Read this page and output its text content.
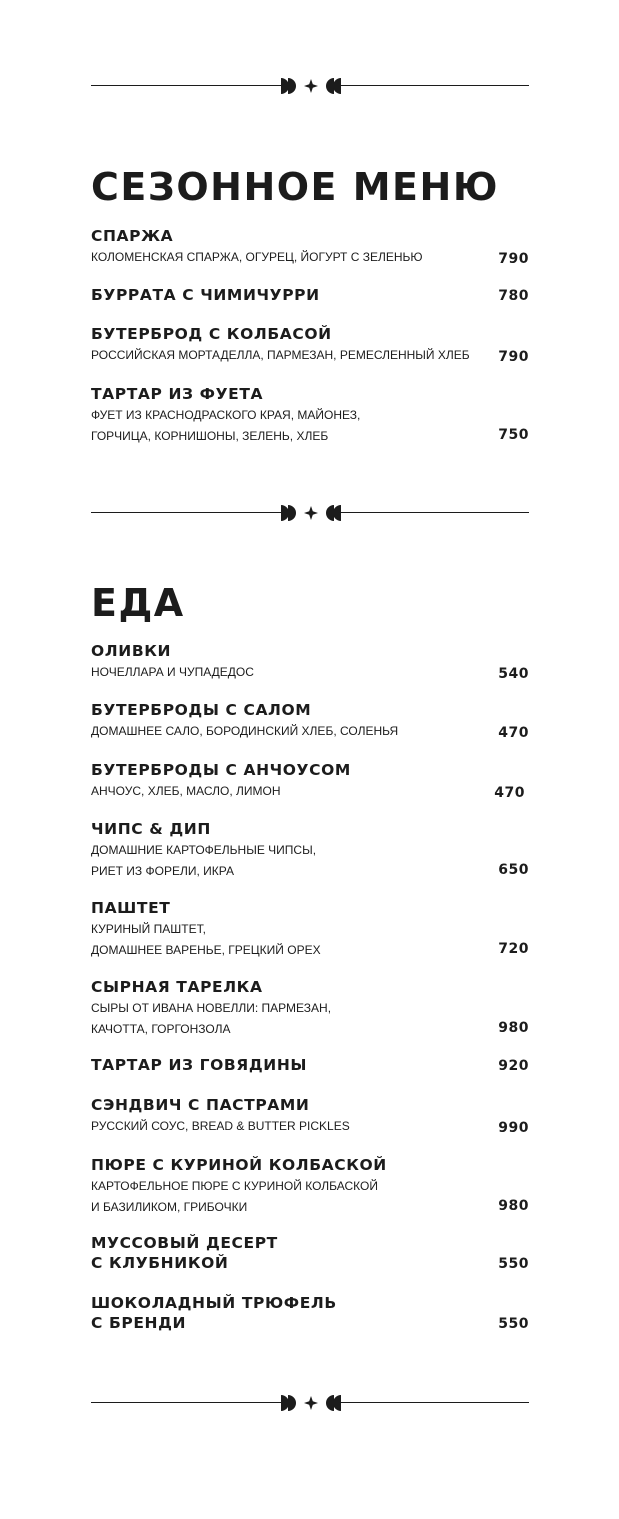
СЕЗОННОЕ МЕНЮ
СПАРЖА
КОЛОМЕНСКАЯ СПАРЖА, ОГУРЕЦ, ЙОГУРТ С ЗЕЛЕНЬЮ	790
БУРРАТА С ЧИМИЧУРРИ	780
БУТЕРБРОД С КОЛБАСОЙ
РОССИЙСКАЯ МОРТАДЕЛЛА, ПАРМЕЗАН, РЕМЕСЛЕННЫЙ ХЛЕБ	790
ТАРТАР ИЗ ФУЕТА
ФУЕТ ИЗ КРАСНОДРАСКОГО КРАЯ, МАЙОНЕЗ,
ГОРЧИЦА, КОРНИШОНЫ, ЗЕЛЕНЬ, ХЛЕБ	750
ЕДА
ОЛИВКИ
НОЧЕЛЛАРА И ЧУПАДЕДОС	540
БУТЕРБРОДЫ С САЛОМ
ДОМАШНЕЕ САЛО, БОРОДИНСКИЙ ХЛЕБ, СОЛЕНЬЯ	470
БУТЕРБРОДЫ С АНЧОУСОМ
АНЧОУС, ХЛЕБ, МАСЛО, ЛИМОН	470
ЧИПС & ДИП
ДОМАШНИЕ КАРТОФЕЛЬНЫЕ ЧИПСЫ,
РИЕТ ИЗ ФОРЕЛИ, ИКРА	650
ПАШТЕТ
КУРИНЫЙ ПАШТЕТ,
ДОМАШНЕЕ ВАРЕНЬЕ, ГРЕЦКИЙ ОРЕХ	720
СЫРНАЯ ТАРЕЛКА
СЫРЫ ОТ ИВАНА НОВЕЛЛИ: ПАРМЕЗАН,
КАЧОТТА, ГОРГОНЗОЛА	980
ТАРТАР ИЗ ГОВЯДИНЫ	920
СЭНДВИЧ С ПАСТРАМИ
РУССКИЙ СОУС, BREAD & BUTTER PICKLES	990
ПЮРЕ С КУРИНОЙ КОЛБАСКОЙ
КАРТОФЕЛЬНОЕ ПЮРЕ С КУРИНОЙ КОЛБАСКОЙ
И БАЗИЛИКОМ, ГРИБОЧКИ	980
МУССОВЫЙ ДЕСЕРТ
С КЛУБНИКОЙ	550
ШОКОЛАДНЫЙ ТРЮФЕЛЬ
С БРЕНДИ	550
